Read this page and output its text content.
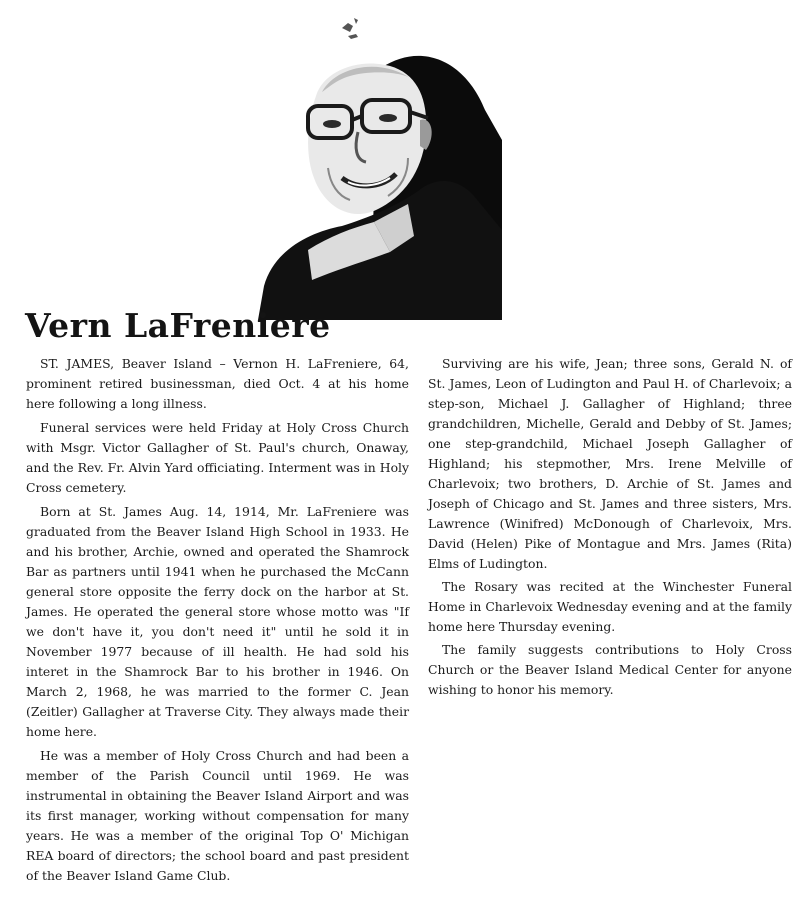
Vern LaFreniere

ST. JAMES, Beaver Island – Vernon H. LaFreniere, 64, prominent retired businessman, died Oct. 4 at his home here following a long illness.

Funeral services were held Friday at Holy Cross Church with Msgr. Victor Gallagher of St. Paul's church, Onaway, and the Rev. Fr. Alvin Yard officiating. Interment was in Holy Cross cemetery.

Born at St. James Aug. 14, 1914, Mr. LaFreniere was graduated from the Beaver Island High School in 1933. He and his brother, Archie, owned and operated the Shamrock Bar as partners until 1941 when he purchased the McCann general store opposite the ferry dock on the harbor at St. James. He operated the general store whose motto was "If we don't have it, you don't need it" until he sold it in November 1977 because of ill health. He had sold his interet in the Shamrock Bar to his brother in 1946. On March 2, 1968, he was married to the former C. Jean (Zeitler) Gallagher at Traverse City. They always made their home here.

He was a member of Holy Cross Church and had been a member of the Parish Council until 1969. He was instrumental in obtaining the Beaver Island Airport and was its first manager, working without compensation for many years. He was a member of the original Top O' Michigan REA board of directors; the school board and past president of the Beaver Island Game Club.

Surviving are his wife, Jean; three sons, Gerald N. of St. James, Leon of Ludington and Paul H. of Charlevoix; a step-son, Michael J. Gallagher of Highland; three grandchildren, Michelle, Gerald and Debby of St. James; one step-grandchild, Michael Joseph Gallagher of Highland; his stepmother, Mrs. Irene Melville of Charlevoix; two brothers, D. Archie of St. James and Joseph of Chicago and St. James and three sisters, Mrs. Lawrence (Winifred) McDonough of Charlevoix, Mrs. David (Helen) Pike of Montague and Mrs. James (Rita) Elms of Ludington.

The Rosary was recited at the Winchester Funeral Home in Charlevoix Wednesday evening and at the family home here Thursday evening.

The family suggests contributions to Holy Cross Church or the Beaver Island Medical Center for anyone wishing to honor his memory.
